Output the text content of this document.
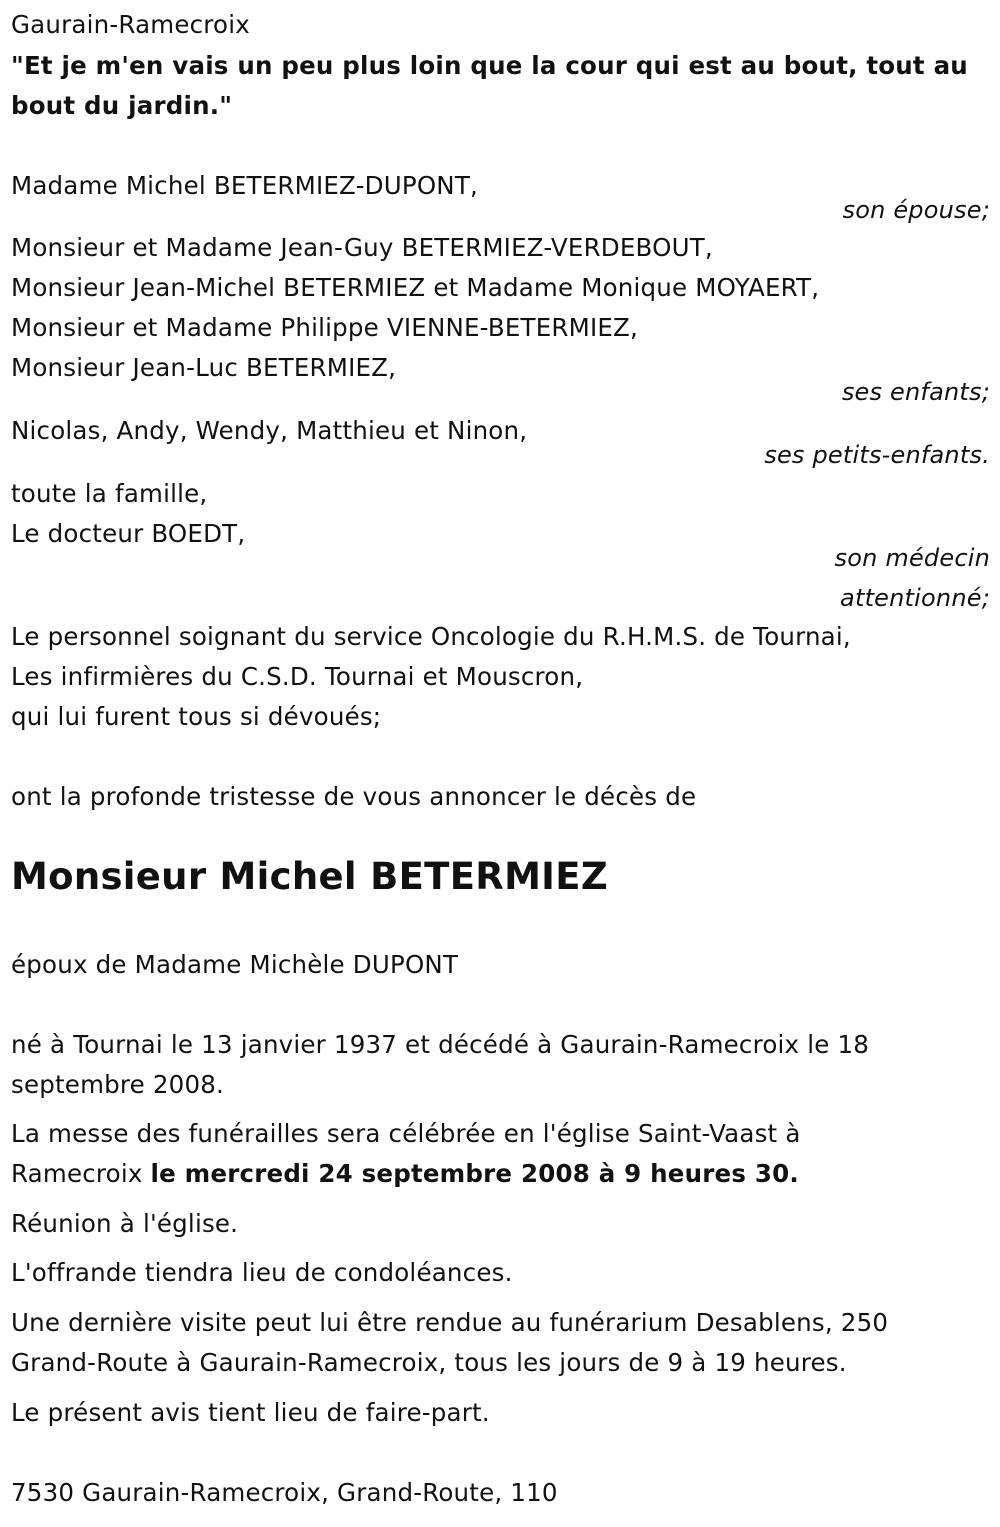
Gaurain-Ramecroix
"Et je m'en vais un peu plus loin que la cour qui est au bout, tout au
bout du jardin."
Madame Michel BETERMIEZ-DUPONT,
son épouse;
Monsieur et Madame Jean-Guy BETERMIEZ-VERDEBOUT,
Monsieur Jean-Michel BETERMIEZ et Madame Monique MOYAERT,
Monsieur et Madame Philippe VIENNE-BETERMIEZ,
Monsieur Jean-Luc BETERMIEZ,
ses enfants;
Nicolas, Andy, Wendy, Matthieu et Ninon,
ses petits-enfants.
toute la famille,
Le docteur BOEDT,
son médecin
attentionné;
Le personnel soignant du service Oncologie du R.H.M.S. de Tournai,
Les infirmières du C.S.D. Tournai et Mouscron,
qui lui furent tous si dévoués;
ont la profonde tristesse de vous annoncer le décès de
Monsieur Michel BETERMIEZ
époux de Madame Michèle DUPONT
né à Tournai le 13 janvier 1937 et décédé à Gaurain-Ramecroix le 18
septembre 2008.
La messe des funérailles sera célébrée en l'église Saint-Vaast à
Ramecroix le mercredi 24 septembre 2008 à 9 heures 30.
Réunion à l'église.
L'offrande tiendra lieu de condoléances.
Une dernière visite peut lui être rendue au funérarium Desablens, 250
Grand-Route à Gaurain-Ramecroix, tous les jours de 9 à 19 heures.
Le présent avis tient lieu de faire-part.
7530 Gaurain-Ramecroix, Grand-Route, 110
